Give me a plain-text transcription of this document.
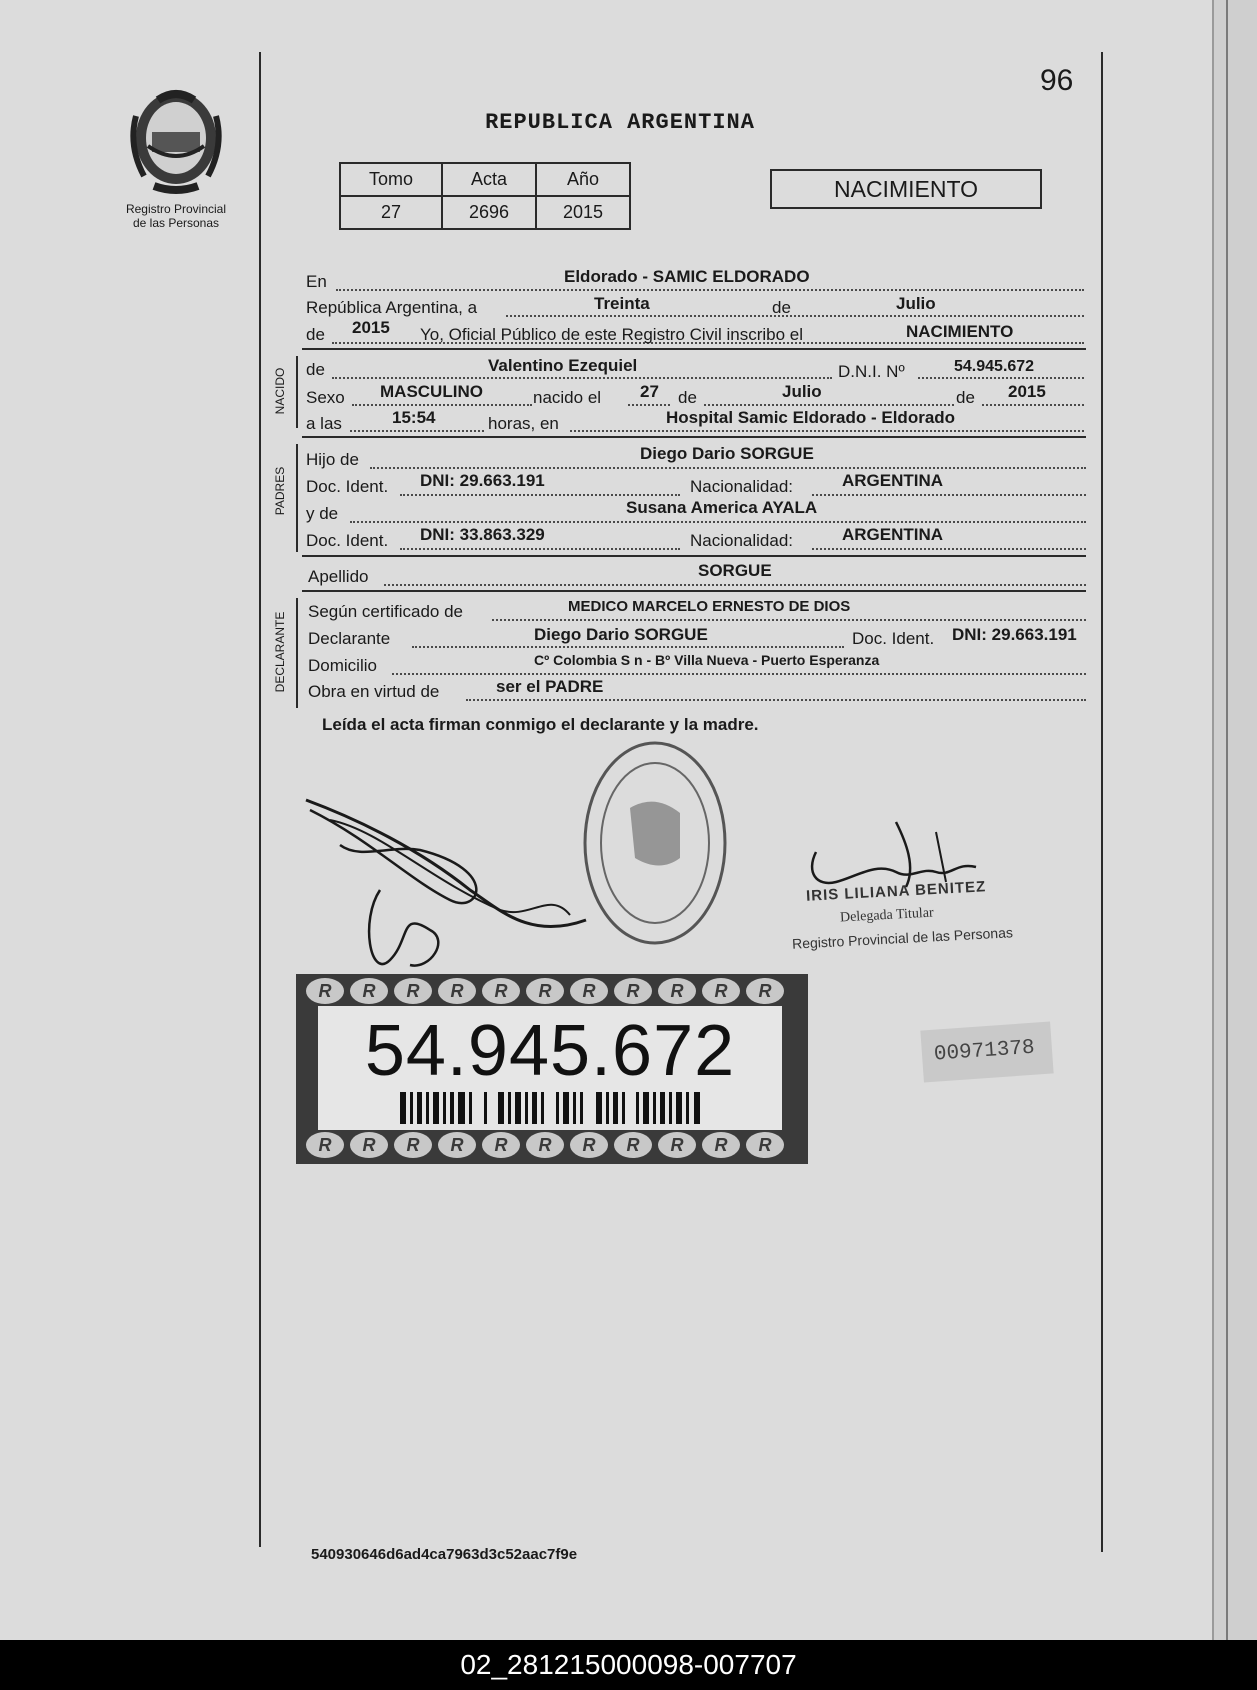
Registro Provincial
de las Personas
96
REPUBLICA ARGENTINA
Tomo	Acta	Año
27	2696	2015
NACIMIENTO
En	Eldorado - SAMIC ELDORADO
República Argentina, a	Treinta	de	Julio
de 2015 Yo, Oficial Público de este Registro Civil inscribo el	NACIMIENTO
NACIDO de	Valentino Ezequiel	D.N.I. Nº	54.945.672
Sexo MASCULINO	nacido el 27 de	Julio	de 2015
a las	15:54	horas, en	Hospital Samic Eldorado - Eldorado
PADRES
Hijo de	Diego Dario SORGUE
Doc. Ident. DNI: 29.663.191	Nacionalidad:	ARGENTINA
y de	Susana America AYALA
Doc. Ident. DNI: 33.863.329	Nacionalidad:	ARGENTINA
Apellido	SORGUE
DECLARANTE
Según certificado de	MEDICO MARCELO ERNESTO DE DIOS
Declarante	Diego Dario SORGUE	Doc. Ident. DNI: 29.663.191
Domicilio	Cº Colombia S n - Bº Villa Nueva - Puerto Esperanza
Obra en virtud de	ser el PADRE
Leída el acta firman conmigo el declarante y la madre.
IRIS LILIANA BENITEZ
Delegada Titular
Registro Provincial de las Personas
R	R	R	R	R	R	R	R	R	R	R
54.945.672
R	R	R	R	R	R	R	R	R	R	R
00971378
540930646d6ad4ca7963d3c52aac7f9e
02_281215000098-007707
